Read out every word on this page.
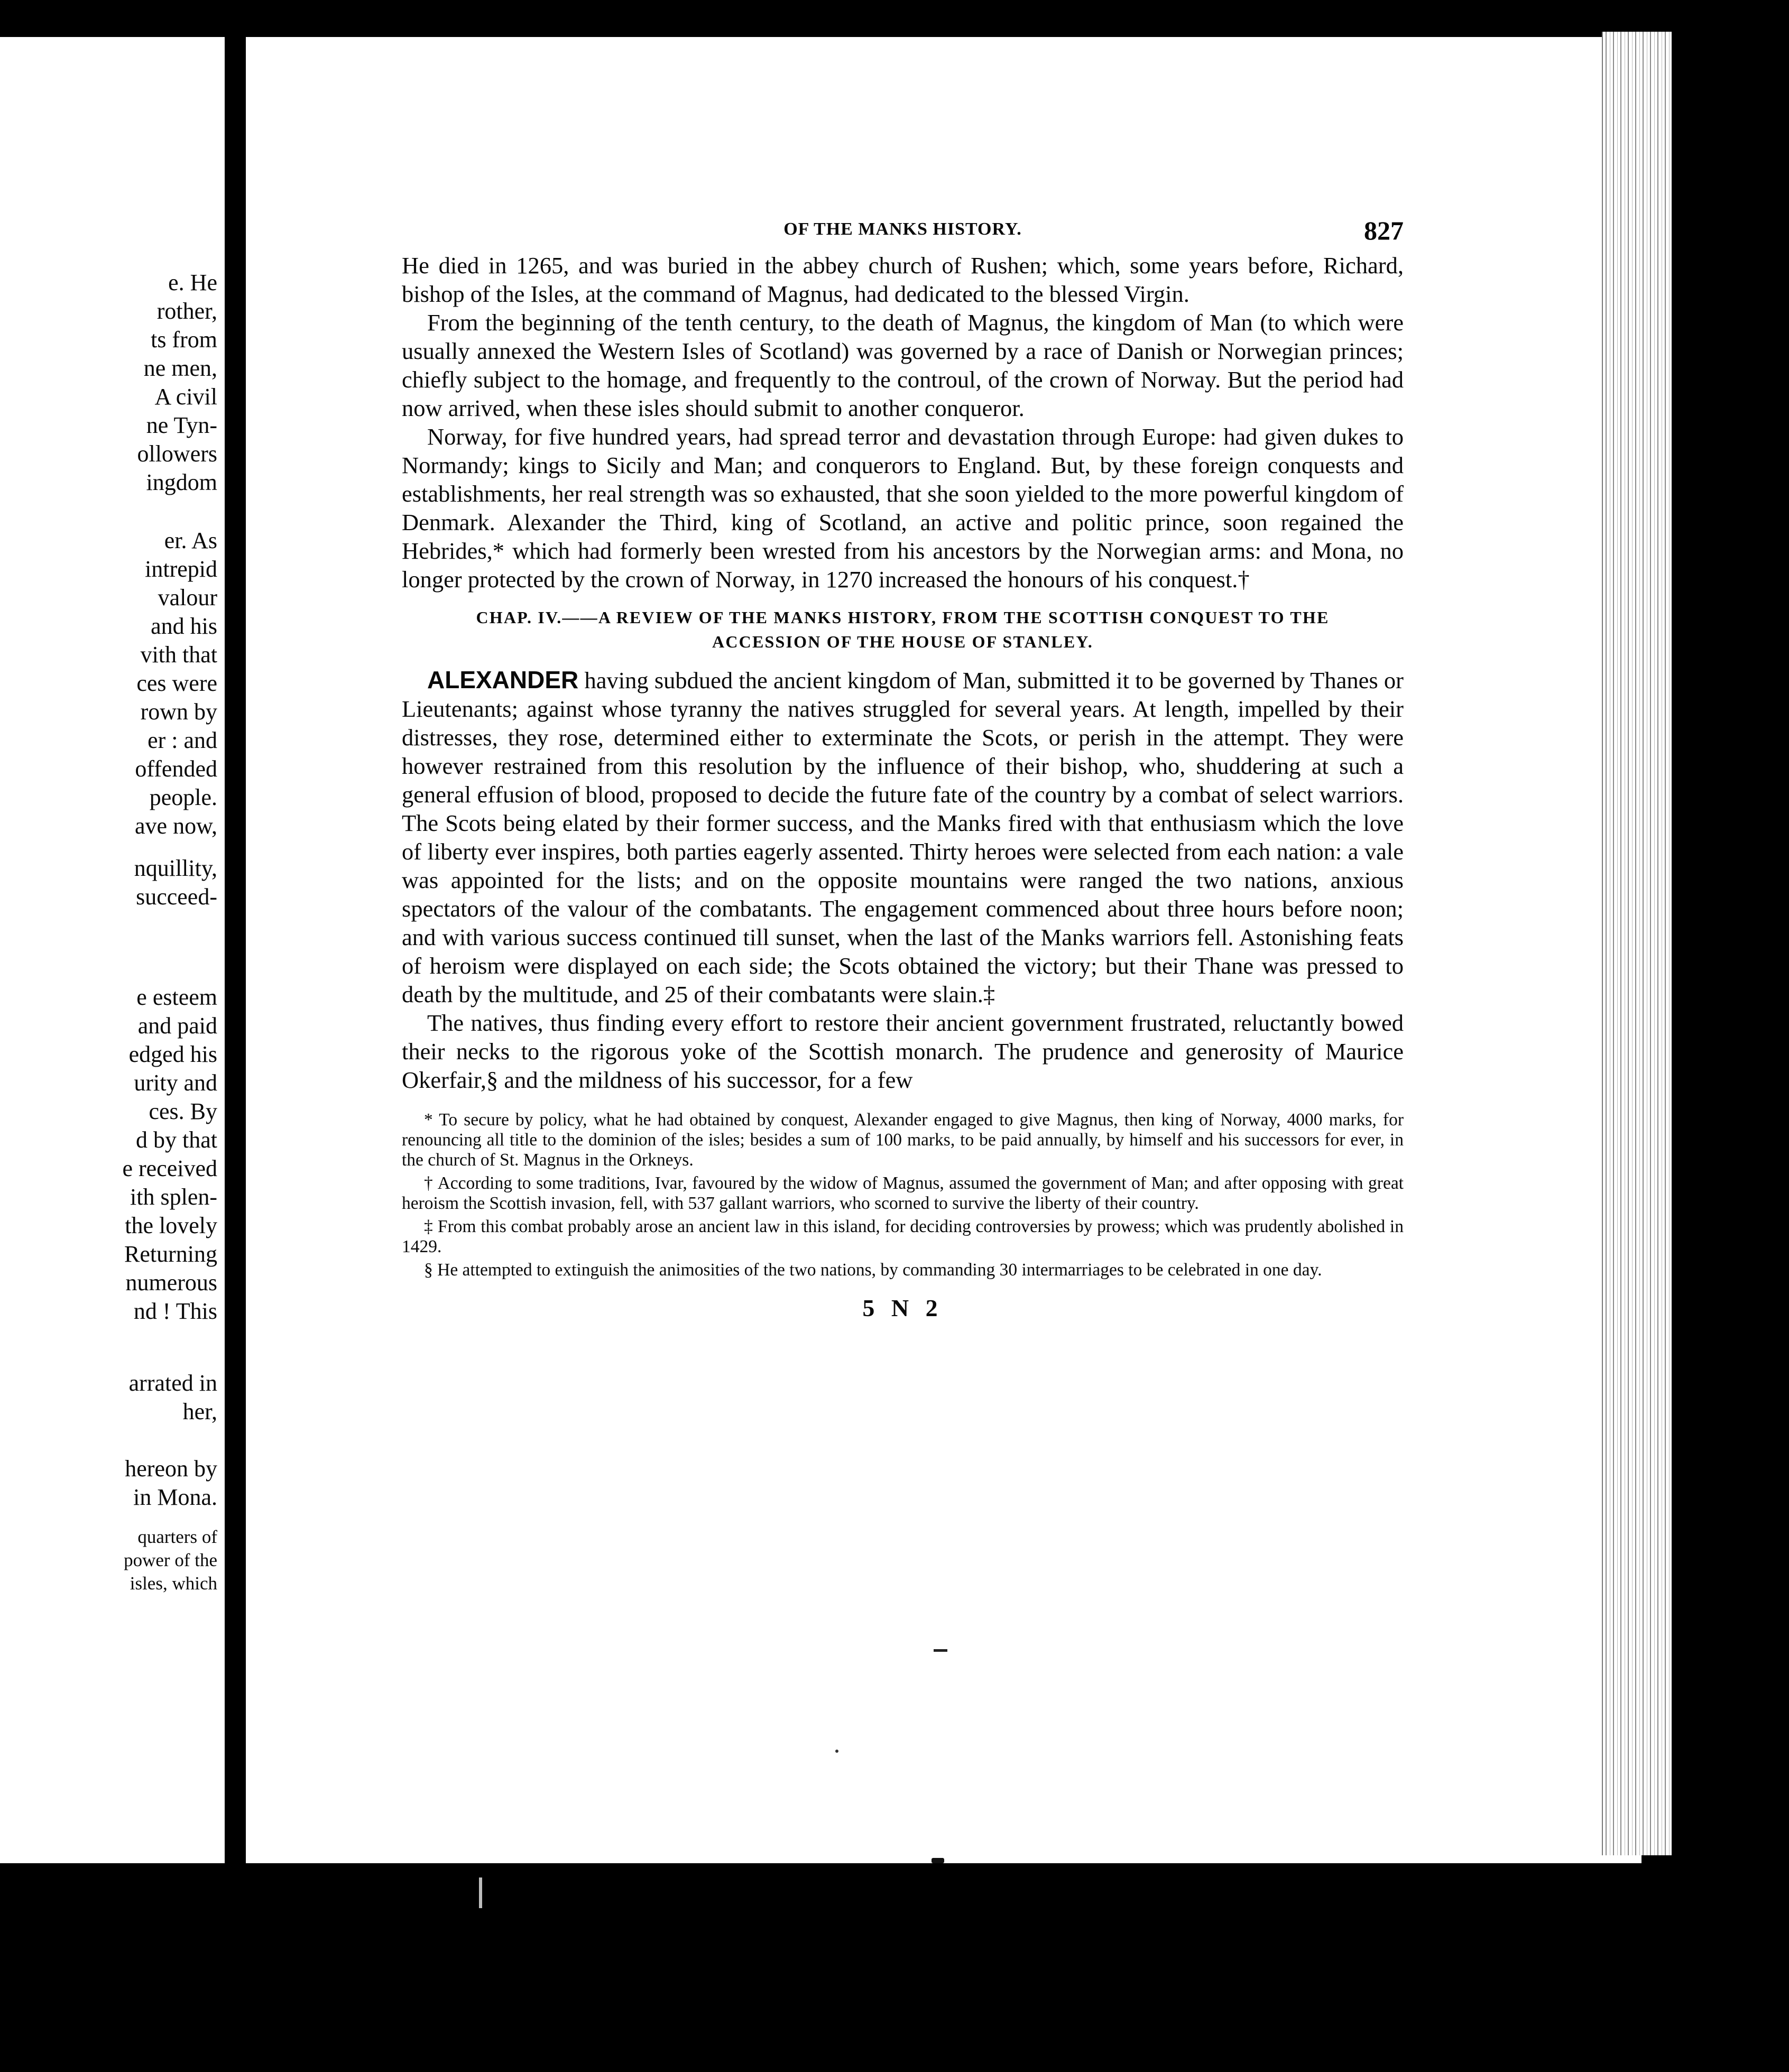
e. He
rother,
ts from
ne men,
A civil
ne Tyn-
ollowers
ingdom
er. As
intrepid
valour
and his
vith that
ces were
rown by
er : and
offended
people.
ave now,
nquillity,
succeed-
e esteem
and paid
edged his
urity and
ces. By
d by that
e received
ith splen-
the lovely
Returning
numerous
nd ! This
arrated in
her,
hereon by
in Mona.
quarters of
power of the
isles, which
OF THE MANKS HISTORY.	827

He died in 1265, and was buried in the abbey church of Rushen; which, some years before, Richard, bishop of the Isles, at the command of Magnus, had dedicated to the blessed Virgin.

From the beginning of the tenth century, to the death of Magnus, the kingdom of Man (to which were usually annexed the Western Isles of Scotland) was governed by a race of Danish or Norwegian princes; chiefly subject to the homage, and frequently to the controul, of the crown of Norway. But the period had now arrived, when these isles should submit to another conqueror.

Norway, for five hundred years, had spread terror and devastation through Europe: had given dukes to Normandy; kings to Sicily and Man; and conquerors to England. But, by these foreign conquests and establishments, her real strength was so exhausted, that she soon yielded to the more powerful kingdom of Denmark. Alexander the Third, king of Scotland, an active and politic prince, soon regained the Hebrides,* which had formerly been wrested from his ancestors by the Norwegian arms: and Mona, no longer protected by the crown of Norway, in 1270 increased the honours of his conquest.†

CHAP. IV.——A REVIEW OF THE MANKS HISTORY, FROM THE SCOTTISH CONQUEST TO THE
ACCESSION OF THE HOUSE OF STANLEY.

ALEXANDER having subdued the ancient kingdom of Man, submitted it to be governed by Thanes or Lieutenants; against whose tyranny the natives struggled for several years. At length, impelled by their distresses, they rose, determined either to exterminate the Scots, or perish in the attempt. They were however restrained from this resolution by the influence of their bishop, who, shuddering at such a general effusion of blood, proposed to decide the future fate of the country by a combat of select warriors. The Scots being elated by their former success, and the Manks fired with that enthusiasm which the love of liberty ever inspires, both parties eagerly assented. Thirty heroes were selected from each nation: a vale was appointed for the lists; and on the opposite mountains were ranged the two nations, anxious spectators of the valour of the combatants. The engagement commenced about three hours before noon; and with various success continued till sunset, when the last of the Manks warriors fell. Astonishing feats of heroism were displayed on each side; the Scots obtained the victory; but their Thane was pressed to death by the multitude, and 25 of their combatants were slain.‡

The natives, thus finding every effort to restore their ancient government frustrated, reluctantly bowed their necks to the rigorous yoke of the Scottish monarch. The prudence and generosity of Maurice Okerfair,§ and the mildness of his successor, for a few

* To secure by policy, what he had obtained by conquest, Alexander engaged to give Magnus, then king of Norway, 4000 marks, for renouncing all title to the dominion of the isles; besides a sum of 100 marks, to be paid annually, by himself and his successors for ever, in the church of St. Magnus in the Orkneys.

† According to some traditions, Ivar, favoured by the widow of Magnus, assumed the government of Man; and after opposing with great heroism the Scottish invasion, fell, with 537 gallant warriors, who scorned to survive the liberty of their country.

‡ From this combat probably arose an ancient law in this island, for deciding controversies by prowess; which was prudently abolished in 1429.

§ He attempted to extinguish the animosities of the two nations, by commanding 30 intermarriages to be celebrated in one day.

5 N 2
